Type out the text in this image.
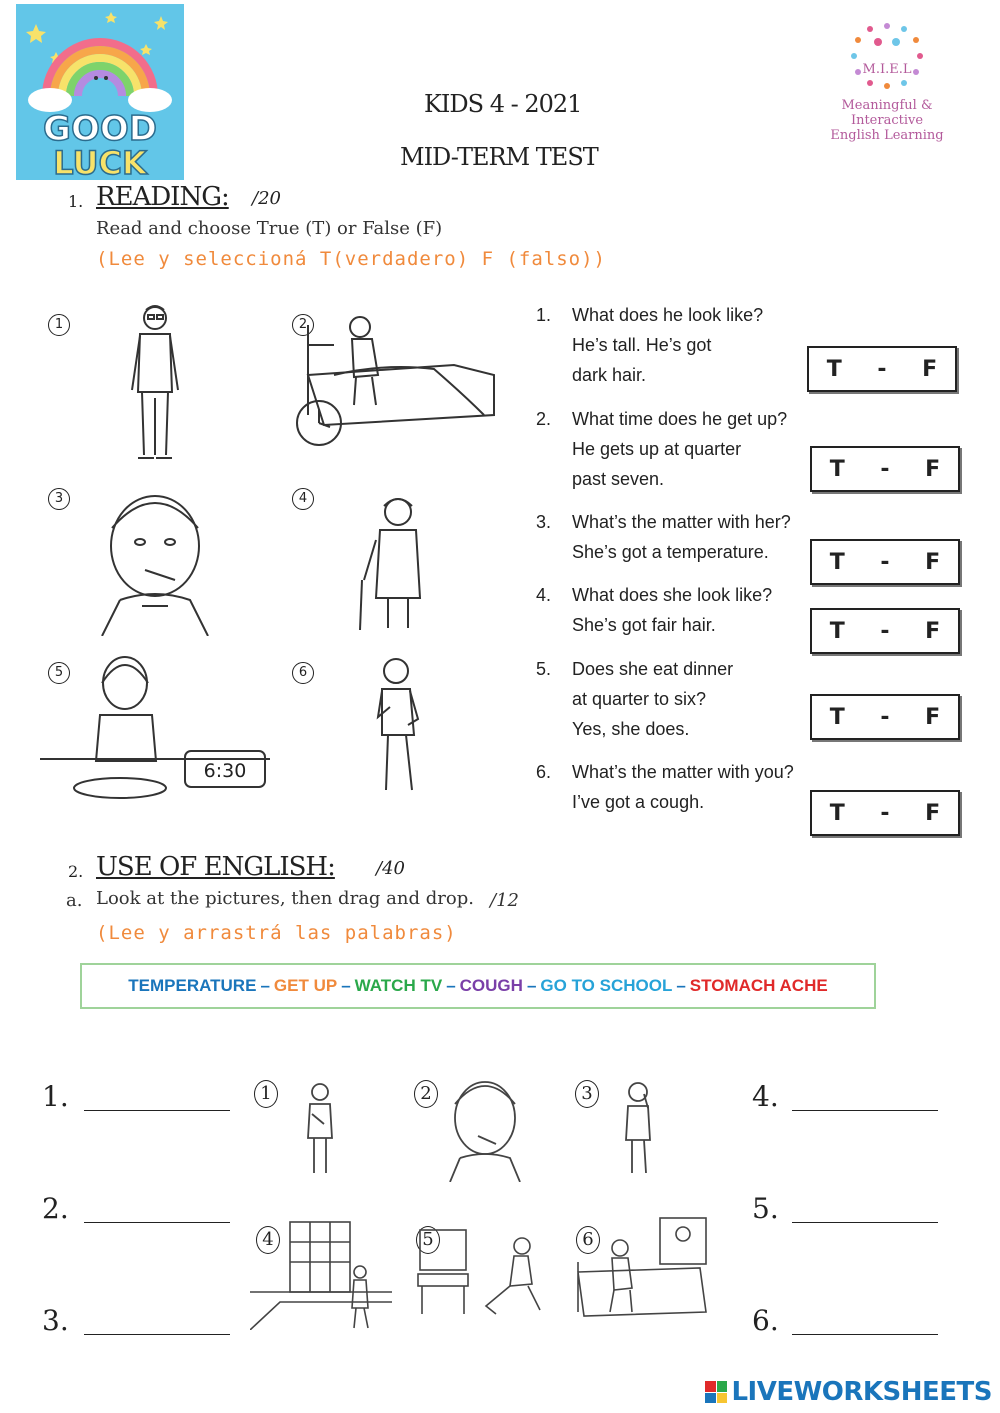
GOOD
LUCK
KIDS 4 - 2021
MID-TERM TEST
M.I.E.L
Meaningful & Interactive
English Learning
1. READING: /20
Read and choose True (T) or False (F)
(Lee y seleccioná T(verdadero) F (falso))
1	2
3	4
5
6:30
6
1. What does he look like?
He’s tall. He’s got
dark hair.	T - F
2. What time does he get up?
He gets up at quarter
past seven.	T - F
3. What’s the matter with her?
She’s got a temperature.	T - F
4. What does she look like?
She’s got fair hair.	T - F
5. Does she eat dinner
at quarter to six?
Yes, she does.	T - F
6. What’s the matter with you?
I’ve got a cough.	T - F
2. USE OF ENGLISH: /40
a. Look at the pictures, then drag and drop. /12
(Lee y arrastrá las palabras)
TEMPERATURE – GET UP – WATCH TV – COUGH – GO TO SCHOOL – STOMACH ACHE
1.
2.
3.
4.
5.
6.
1	2	3
4	5	6
LIVEWORKSHEETS
